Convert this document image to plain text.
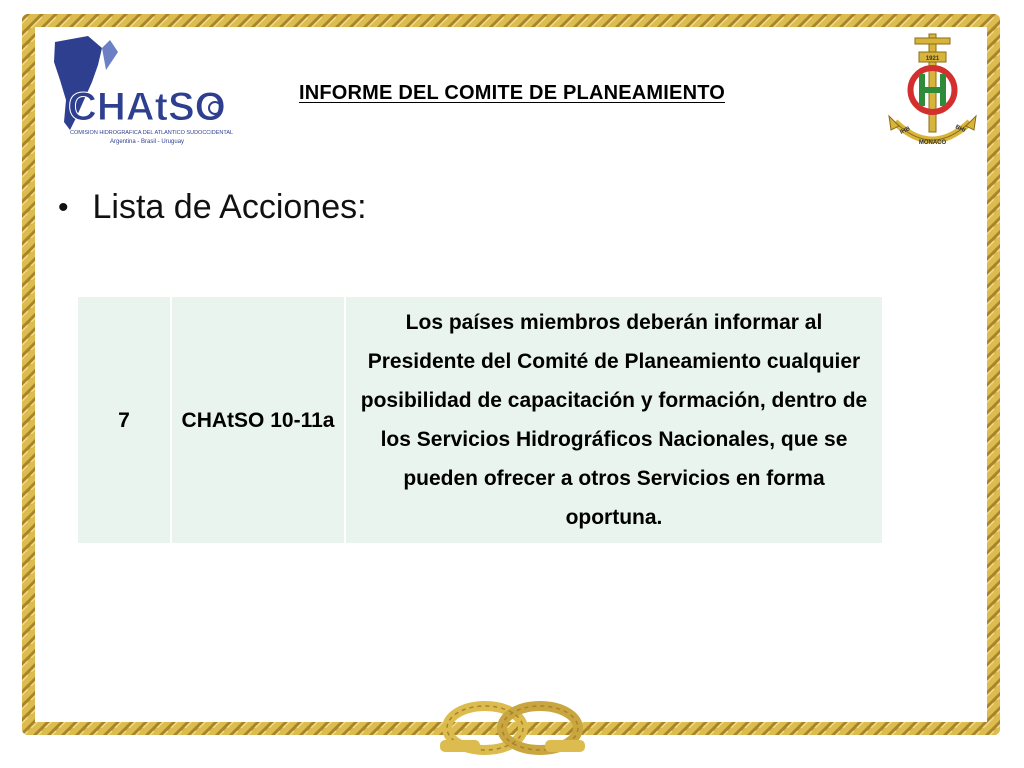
CHAtSO
COMISION HIDROGRAFICA DEL ATLANTICO SUDOCCIDENTAL
Argentina - Brasil - Uruguay
1921
IHB	BHI
MONACO
INFORME DEL COMITE DE PLANEAMIENTO
• Lista de Acciones:
7	CHAtSO 10-11a	Los países miembros deberán informar al Presidente del Comité de Planeamiento cualquier posibilidad de capacitación y formación, dentro de los Servicios Hidrográficos Nacionales, que se pueden ofrecer a otros Servicios en forma oportuna.
